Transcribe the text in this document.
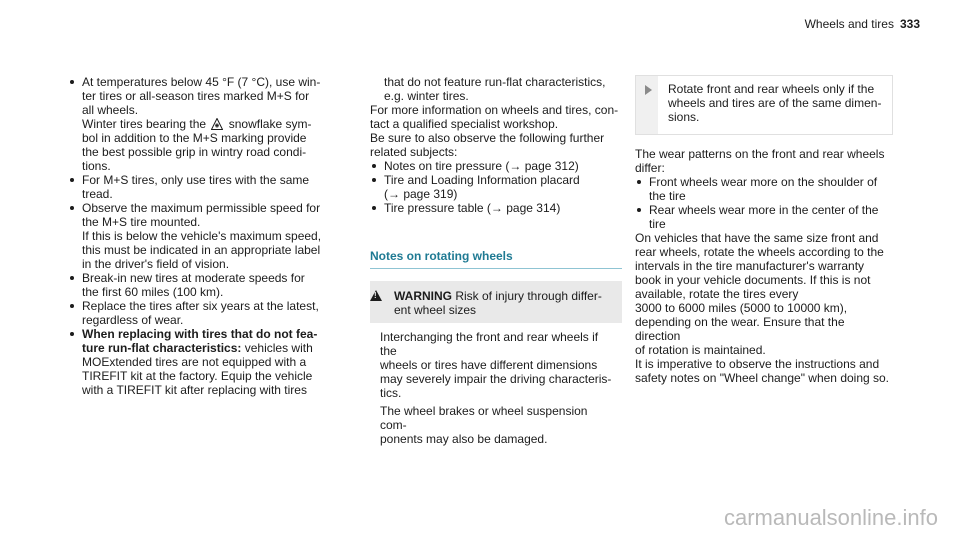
Wheels and tires 333

At temperatures below 45 °F (7 °C), use win-

ter tires or all-season tires marked M+S for

all wheels.

Winter tires bearing the snowflake sym-

bol in addition to the M+S marking provide

the best possible grip in wintry road condi-

tions.

For M+S tires, only use tires with the same

tread.

Observe the maximum permissible speed for

the M+S tire mounted.

If this is below the vehicle's maximum speed,

this must be indicated in an appropriate label

in the driver's field of vision.

Break-in new tires at moderate speeds for

the first 60 miles (100 km).

Replace the tires after six years at the latest,

regardless of wear.

When replacing with tires that do not fea-

ture run-flat characteristics: vehicles with

MOExtended tires are not equipped with a

TIREFIT kit at the factory. Equip the vehicle

with a TIREFIT kit after replacing with tires

that do not feature run-flat characteristics,

e.g. winter tires.

For more information on wheels and tires, con-

tact a qualified specialist workshop.

Be sure to also observe the following further

related subjects:

Notes on tire pressure (→ page 312)

Tire and Loading Information placard

(→ page 319)

Tire pressure table (→ page 314)

Notes on rotating wheels
!

WARNING Risk of injury through differ-

ent wheel sizes

Interchanging the front and rear wheels if the

wheels or tires have different dimensions

may severely impair the driving characteris-

tics.

The wheel brakes or wheel suspension com-

ponents may also be damaged.

Rotate front and rear wheels only if the

wheels and tires are of the same dimen-

sions.

The wear patterns on the front and rear wheels

differ:

Front wheels wear more on the shoulder of

the tire

Rear wheels wear more in the center of the

tire

On vehicles that have the same size front and

rear wheels, rotate the wheels according to the

intervals in the tire manufacturer's warranty

book in your vehicle documents. If this is not

available, rotate the tires every

3000 to 6000 miles (5000 to 10000 km),

depending on the wear. Ensure that the direction

of rotation is maintained.

It is imperative to observe the instructions and

safety notes on "Wheel change" when doing so.

carmanualsonline.info
